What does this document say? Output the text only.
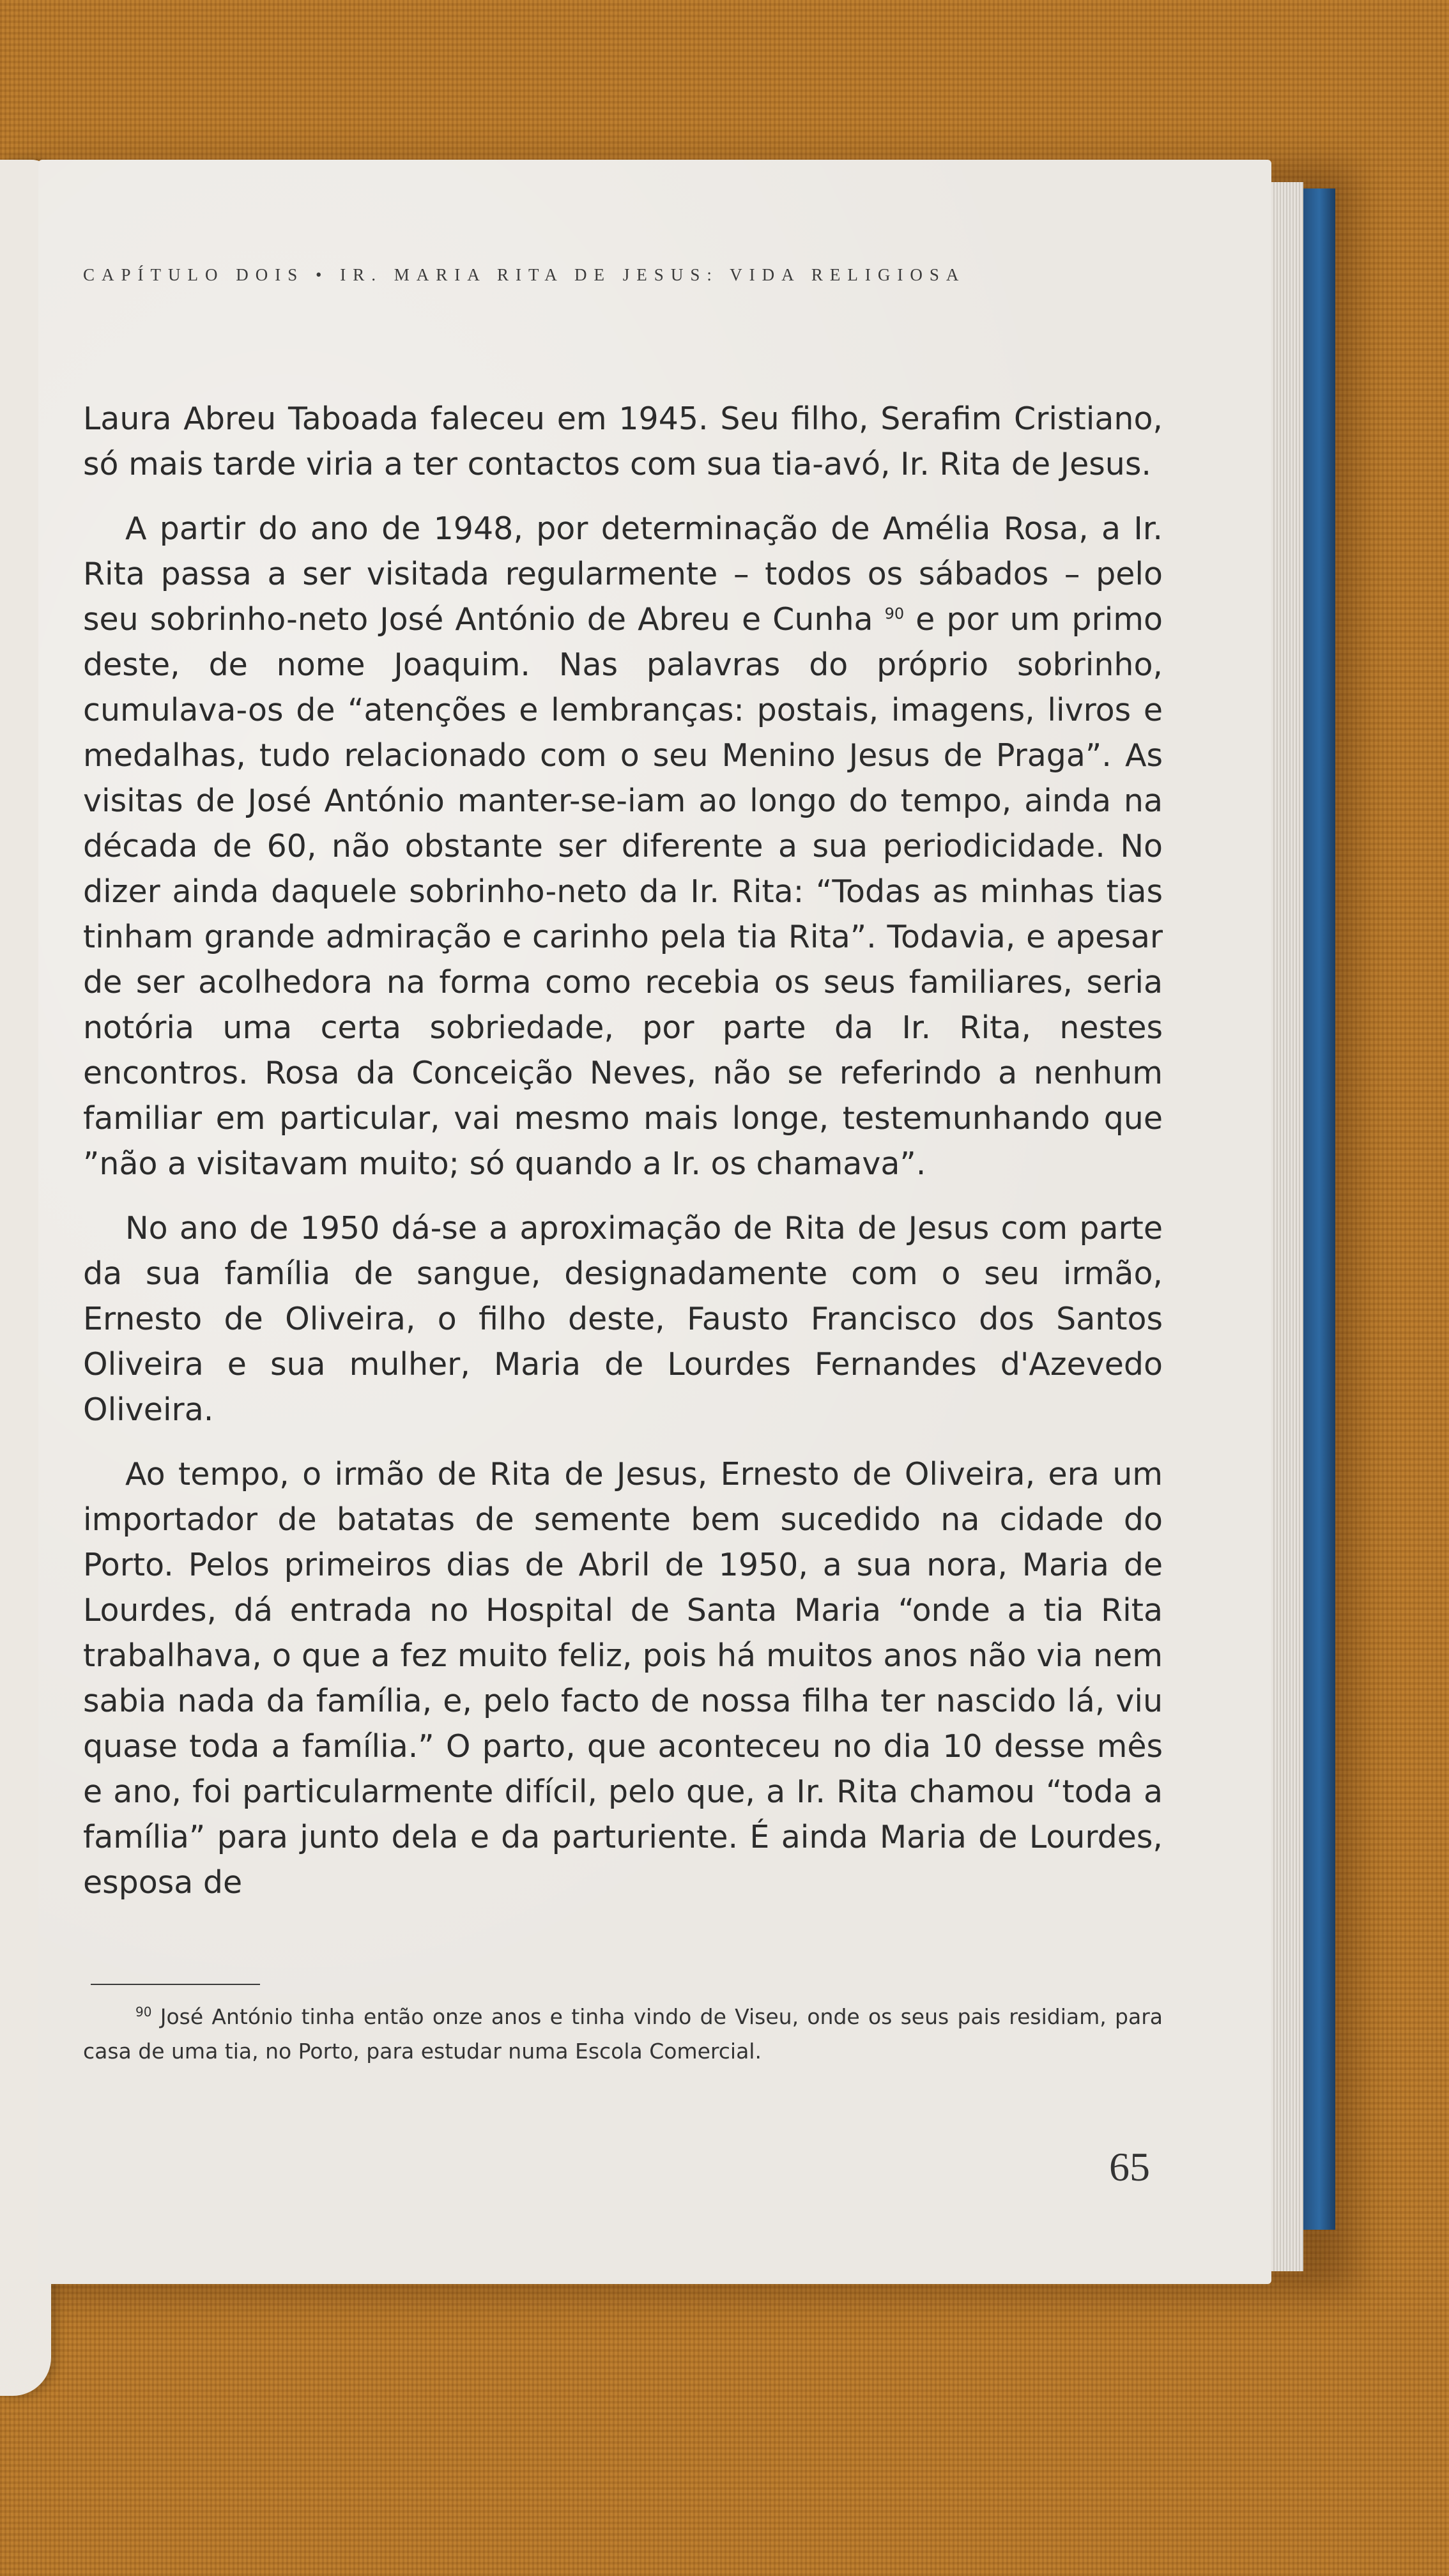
CAPÍTULO DOIS • IR. MARIA RITA DE JESUS: VIDA RELIGIOSA

Laura Abreu Taboada faleceu em 1945. Seu filho, Serafim Cristiano, só mais tarde viria a ter contactos com sua tia-avó, Ir. Rita de Jesus.

A partir do ano de 1948, por determinação de Amélia Rosa, a Ir. Rita passa a ser visitada regularmente – todos os sábados – pelo seu sobrinho-neto José António de Abreu e Cunha $^{90}$ e por um primo deste, de nome Joaquim. Nas palavras do próprio sobrinho, cumulava-os de “atenções e lembranças: postais, imagens, livros e medalhas, tudo relacionado com o seu Menino Jesus de Praga”. As visitas de José António manter-se-iam ao longo do tempo, ainda na década de 60, não obstante ser diferente a sua periodicidade. No dizer ainda daquele sobrinho-neto da Ir. Rita: “Todas as minhas tias tinham grande admiração e carinho pela tia Rita”. Todavia, e apesar de ser acolhedora na forma como recebia os seus familiares, seria notória uma certa sobriedade, por parte da Ir. Rita, nestes encontros. Rosa da Conceição Neves, não se referindo a nenhum familiar em particular, vai mesmo mais longe, testemunhando que ”não a visitavam muito; só quando a Ir. os chamava”.

No ano de 1950 dá-se a aproximação de Rita de Jesus com parte da sua família de sangue, designadamente com o seu irmão, Ernesto de Oliveira, o filho deste, Fausto Francisco dos Santos Oliveira e sua mulher, Maria de Lourdes Fernandes d'Azevedo Oliveira.

Ao tempo, o irmão de Rita de Jesus, Ernesto de Oliveira, era um importador de batatas de semente bem sucedido na cidade do Porto. Pelos primeiros dias de Abril de 1950, a sua nora, Maria de Lourdes, dá entrada no Hospital de Santa Maria “onde a tia Rita trabalhava, o que a fez muito feliz, pois há muitos anos não via nem sabia nada da família, e, pelo facto de nossa filha ter nascido lá, viu quase toda a família.” O parto, que aconteceu no dia 10 desse mês e ano, foi particularmente difícil, pelo que, a Ir. Rita chamou “toda a família” para junto dela e da parturiente. É ainda Maria de Lourdes, esposa de

$^{90}$ José António tinha então onze anos e tinha vindo de Viseu, onde os seus pais residiam, para casa de uma tia, no Porto, para estudar numa Escola Comercial.
65
